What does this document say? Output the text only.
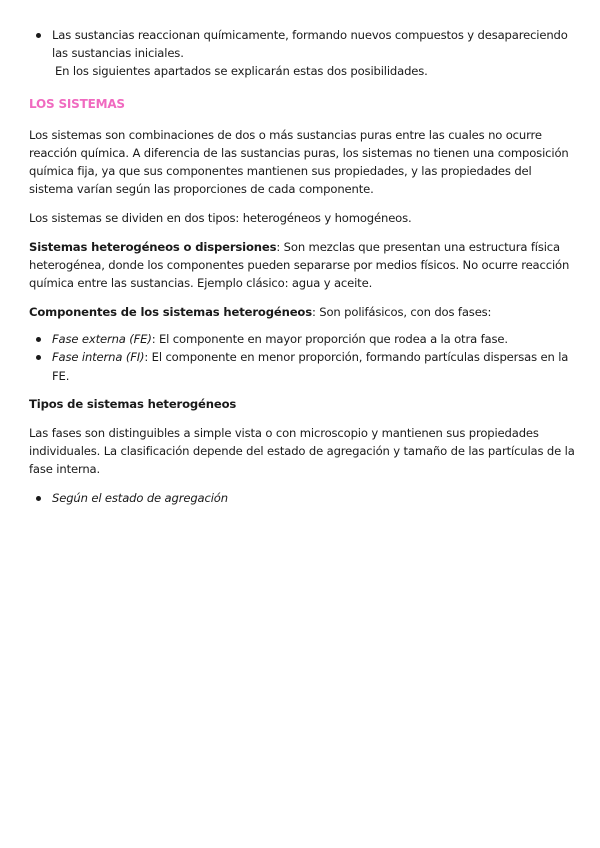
Las sustancias reaccionan químicamente, formando nuevos compuestos y desapareciendo las sustancias iniciales.
En los siguientes apartados se explicarán estas dos posibilidades.
LOS SISTEMAS

Los sistemas son combinaciones de dos o más sustancias puras entre las cuales no ocurre reacción química. A diferencia de las sustancias puras, los sistemas no tienen una composición química fija, ya que sus componentes mantienen sus propiedades, y las propiedades del sistema varían según las proporciones de cada componente.

Los sistemas se dividen en dos tipos: heterogéneos y homogéneos.

Sistemas heterogéneos o dispersiones: Son mezclas que presentan una estructura física heterogénea, donde los componentes pueden separarse por medios físicos. No ocurre reacción química entre las sustancias. Ejemplo clásico: agua y aceite.

Componentes de los sistemas heterogéneos: Son polifásicos, con dos fases:

Fase externa (FE): El componente en mayor proporción que rodea a la otra fase.
Fase interna (FI): El componente en menor proporción, formando partículas dispersas en la FE.
Tipos de sistemas heterogéneos

Las fases son distinguibles a simple vista o con microscopio y mantienen sus propiedades individuales. La clasificación depende del estado de agregación y tamaño de las partículas de la fase interna.

Según el estado de agregación
